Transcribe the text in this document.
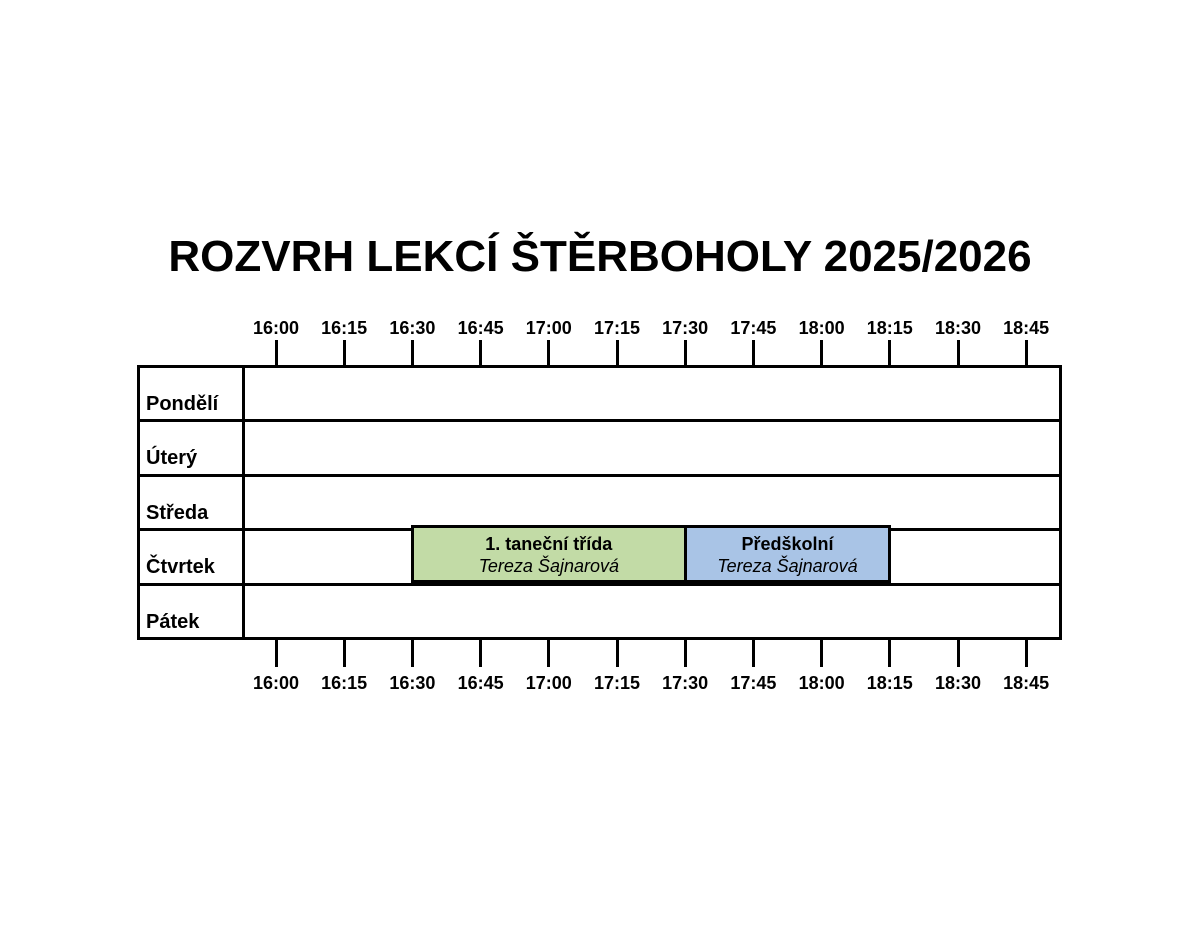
ROZVRH LEKCÍ ŠTĚRBOHOLY 2025/2026
Pondělí
Úterý
Středa
Čtvrtek
Pátek
16:00
16:00
16:15
16:15
16:30
16:30
16:45
16:45
17:00
17:00
17:15
17:15
17:30
17:30
17:45
17:45
18:00
18:00
18:15
18:15
18:30
18:30
18:45
18:45
1. taneční třída
Tereza Šajnarová
Předškolní
Tereza Šajnarová
